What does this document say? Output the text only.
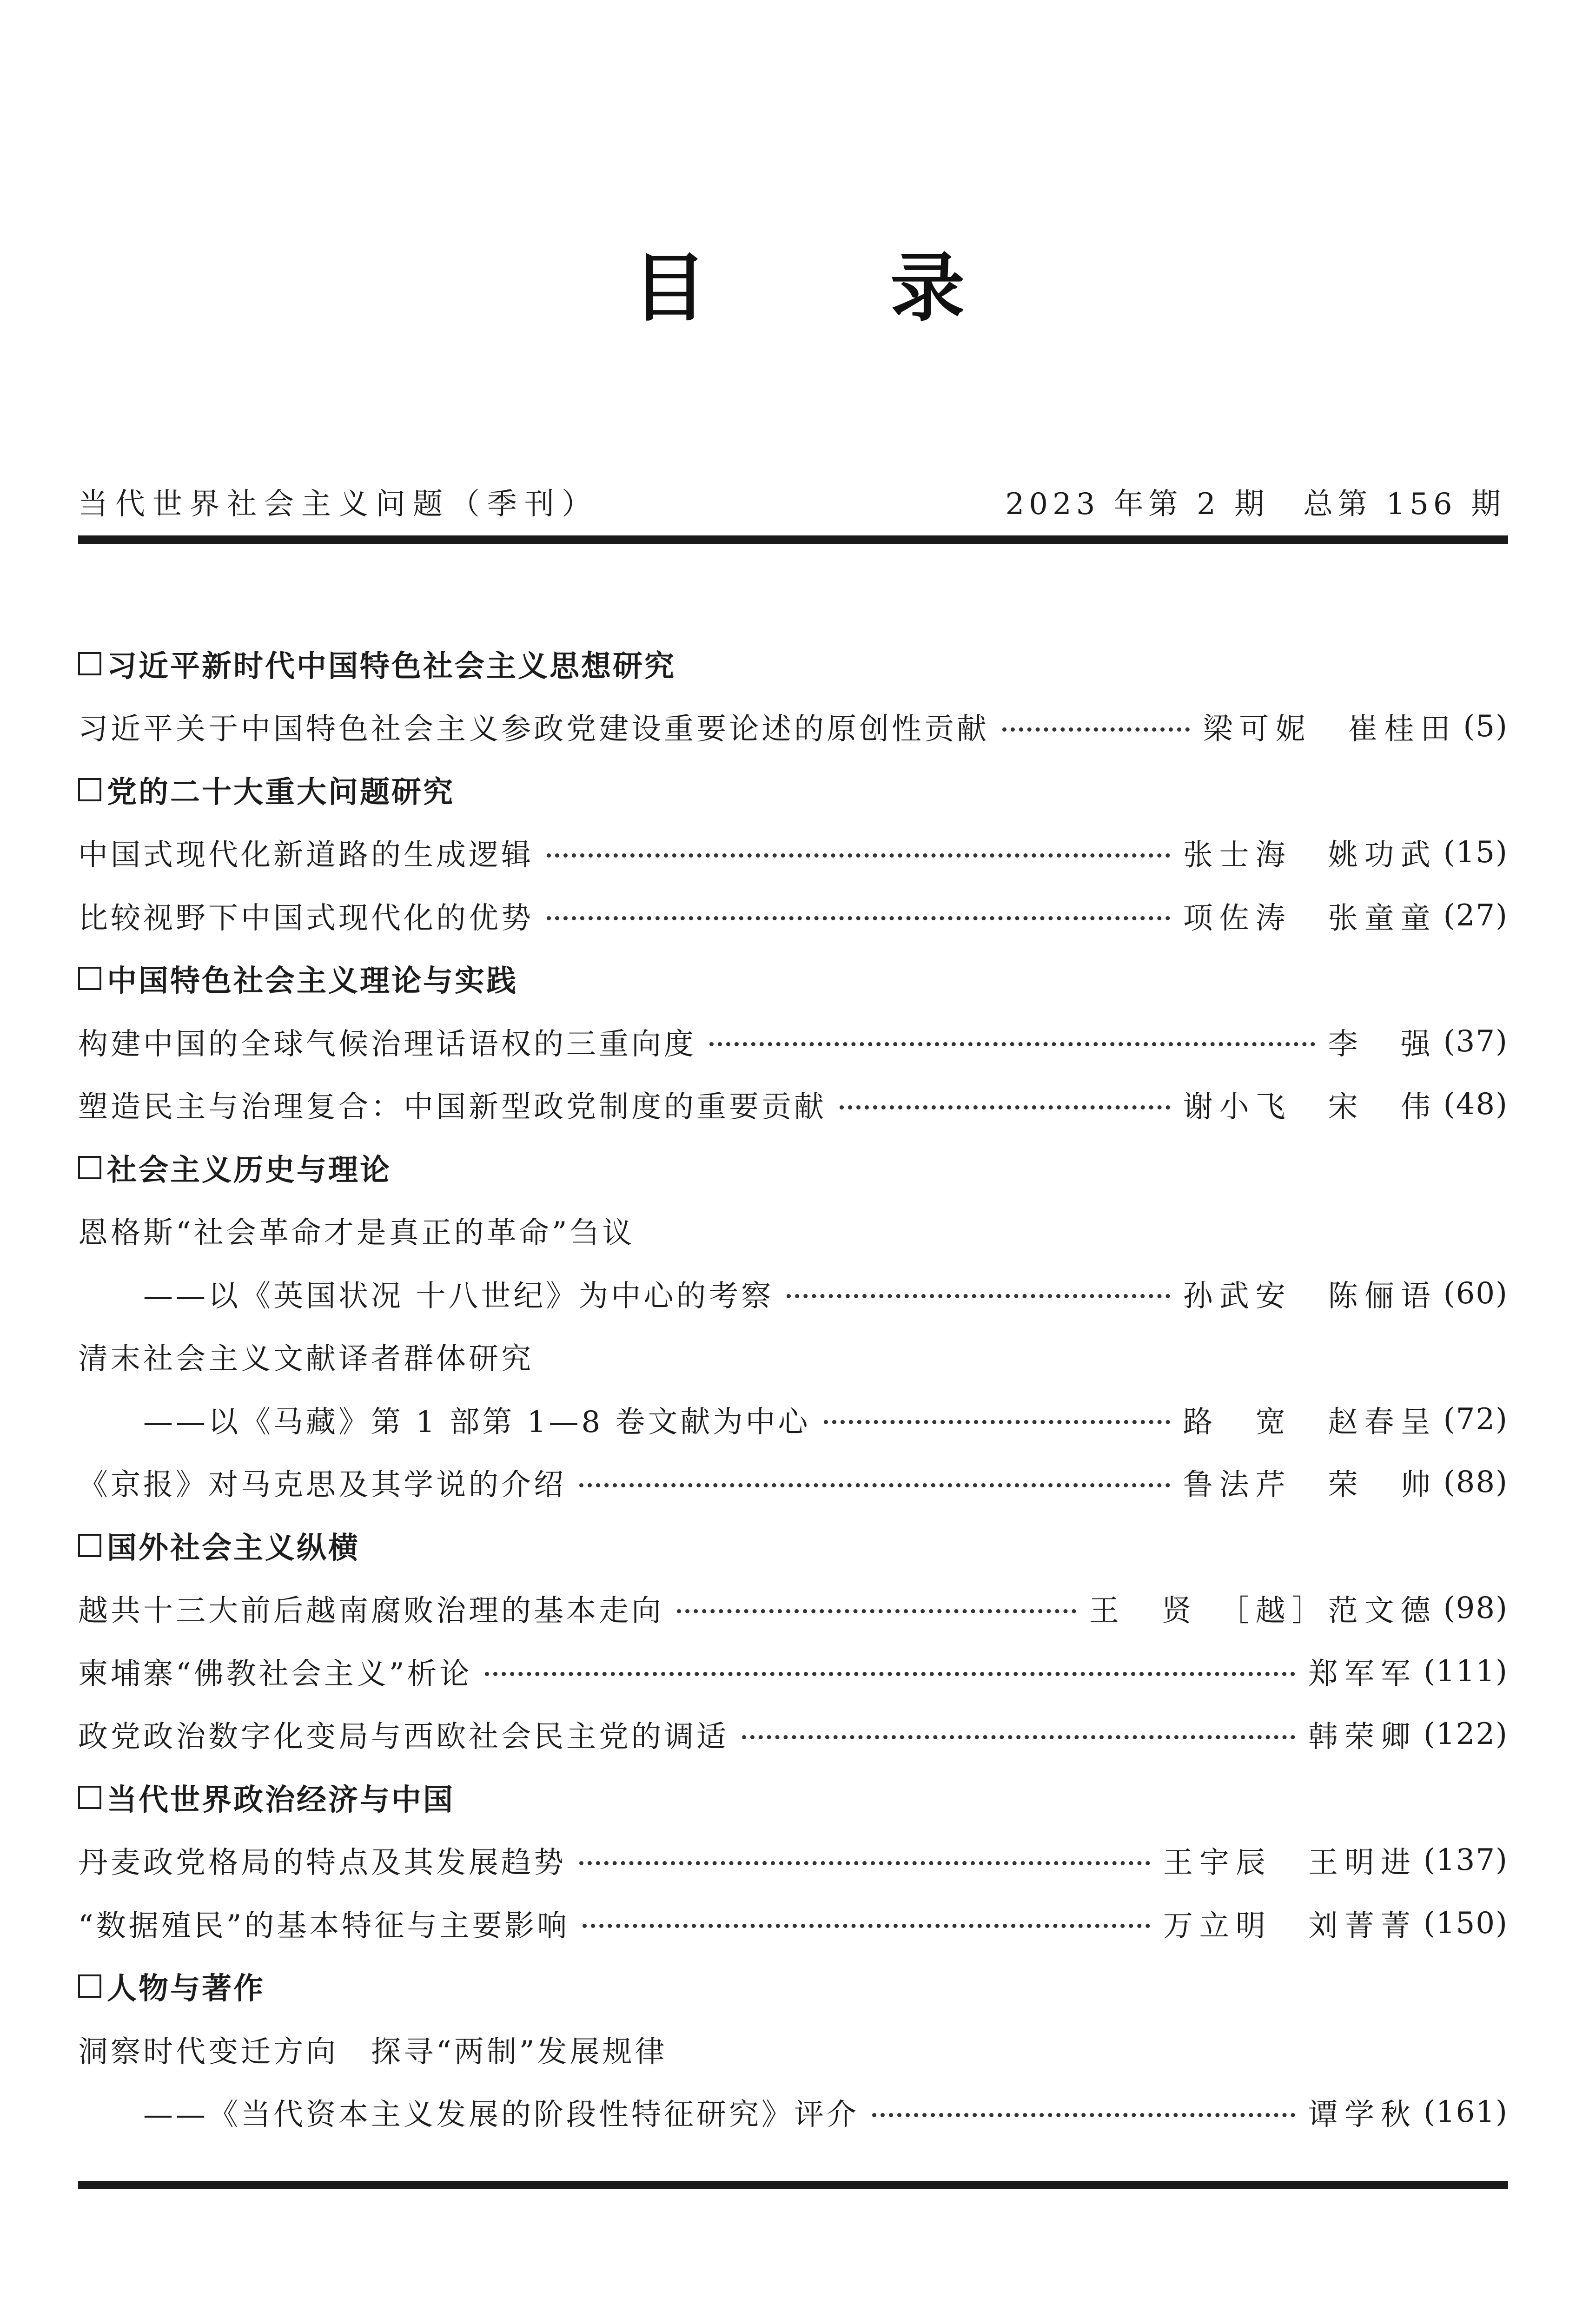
目 录
当代世界社会主义问题（季刊）	2023 年第 2 期　总第 156 期
习近平新时代中国特色社会主义思想研究
习近平关于中国特色社会主义参政党建设重要论述的原创性贡献	梁可妮　崔桂田 (5)
党的二十大重大问题研究
中国式现代化新道路的生成逻辑	张士海　姚功武 (15)
比较视野下中国式现代化的优势	项佐涛　张童童 (27)
中国特色社会主义理论与实践
构建中国的全球气候治理话语权的三重向度	李　强 (37)
塑造民主与治理复合：中国新型政党制度的重要贡献	谢小飞　宋　伟 (48)
社会主义历史与理论
恩格斯“社会革命才是真正的革命”刍议
——以《英国状况 十八世纪》为中心的考察	孙武安　陈俪语 (60)
清末社会主义文献译者群体研究
——以《马藏》第 1 部第 1—8 卷文献为中心	路　宽　赵春呈 (72)
《京报》对马克思及其学说的介绍	鲁法芹　荣　帅 (88)
国外社会主义纵横
越共十三大前后越南腐败治理的基本走向	王　贤　［越］范文德 (98)
柬埔寨“佛教社会主义”析论	郑军军 (111)
政党政治数字化变局与西欧社会民主党的调适	韩荣卿 (122)
当代世界政治经济与中国
丹麦政党格局的特点及其发展趋势	王宇辰　王明进 (137)
“数据殖民”的基本特征与主要影响	万立明　刘菁菁 (150)
人物与著作
洞察时代变迁方向　探寻“两制”发展规律
——《当代资本主义发展的阶段性特征研究》评介	谭学秋 (161)
